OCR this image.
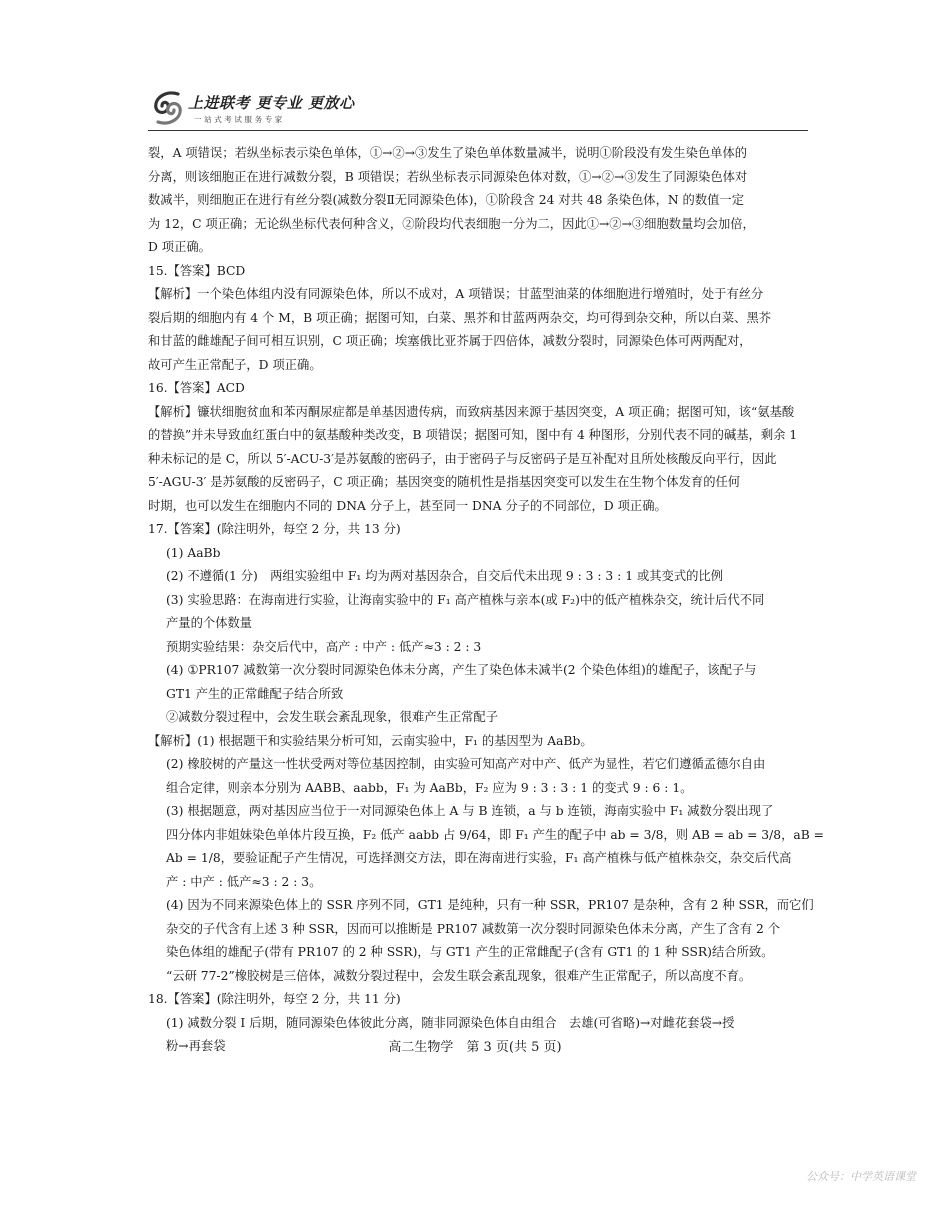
上进联考 更专业 更放心
一站式考试服务专家

裂，A 项错误；若纵坐标表示染色单体，①→②→③发生了染色单体数量减半，说明①阶段没有发生染色单体的

分离，则该细胞正在进行减数分裂，B 项错误；若纵坐标表示同源染色体对数，①→②→③发生了同源染色体对

数减半，则细胞正在进行有丝分裂(减数分裂Ⅱ无同源染色体)，①阶段含 24 对共 48 条染色体，N 的数值一定

为 12，C 项正确；无论纵坐标代表何种含义，②阶段均代表细胞一分为二，因此①→②→③细胞数量均会加倍，

D 项正确。

15.【答案】BCD

【解析】一个染色体组内没有同源染色体，所以不成对，A 项错误；甘蓝型油菜的体细胞进行增殖时，处于有丝分

裂后期的细胞内有 4 个 M，B 项正确；据图可知，白菜、黑芥和甘蓝两两杂交，均可得到杂交种，所以白菜、黑芥

和甘蓝的雌雄配子间可相互识别，C 项正确；埃塞俄比亚芥属于四倍体，减数分裂时，同源染色体可两两配对，

故可产生正常配子，D 项正确。

16.【答案】ACD

【解析】镰状细胞贫血和苯丙酮尿症都是单基因遗传病，而致病基因来源于基因突变，A 项正确；据图可知，该“氨基酸

的替换”并未导致血红蛋白中的氨基酸种类改变，B 项错误；据图可知，图中有 4 种图形，分别代表不同的碱基，剩余 1

种未标记的是 C，所以 5′-ACU-3′是苏氨酸的密码子，由于密码子与反密码子是互补配对且所处核酸反向平行，因此

5′-AGU-3′ 是苏氨酸的反密码子，C 项正确；基因突变的随机性是指基因突变可以发生在生物个体发育的任何

时期，也可以发生在细胞内不同的 DNA 分子上，甚至同一 DNA 分子的不同部位，D 项正确。

17.【答案】(除注明外，每空 2 分，共 13 分)

(1) AaBb

(2) 不遵循(1 分)　两组实验组中 F₁ 均为两对基因杂合，自交后代未出现 9 : 3 : 3 : 1 或其变式的比例

(3) 实验思路：在海南进行实验，让海南实验中的 F₁ 高产植株与亲本(或 F₂)中的低产植株杂交，统计后代不同

产量的个体数量

预期实验结果：杂交后代中，高产 : 中产 : 低产≈3 : 2 : 3

(4) ①PR107 减数第一次分裂时同源染色体未分离，产生了染色体未减半(2 个染色体组)的雄配子，该配子与

GT1 产生的正常雌配子结合所致

②减数分裂过程中，会发生联会紊乱现象，很难产生正常配子

【解析】(1) 根据题干和实验结果分析可知，云南实验中，F₁ 的基因型为 AaBb。

(2) 橡胶树的产量这一性状受两对等位基因控制，由实验可知高产对中产、低产为显性，若它们遵循孟德尔自由

组合定律，则亲本分别为 AABB、aabb，F₁ 为 AaBb，F₂ 应为 9 : 3 : 3 : 1 的变式 9 : 6 : 1。

(3) 根据题意，两对基因应当位于一对同源染色体上 A 与 B 连锁，a 与 b 连锁，海南实验中 F₁ 减数分裂出现了

四分体内非姐妹染色单体片段互换，F₂ 低产 aabb 占 9/64，即 F₁ 产生的配子中 ab = 3/8，则 AB = ab = 3/8，aB =

Ab = 1/8，要验证配子产生情况，可选择测交方法，即在海南进行实验，F₁ 高产植株与低产植株杂交，杂交后代高

产 : 中产 : 低产≈3 : 2 : 3。

(4) 因为不同来源染色体上的 SSR 序列不同，GT1 是纯种，只有一种 SSR，PR107 是杂种，含有 2 种 SSR，而它们

杂交的子代含有上述 3 种 SSR，因而可以推断是 PR107 减数第一次分裂时同源染色体未分离，产生了含有 2 个

染色体组的雄配子(带有 PR107 的 2 种 SSR)，与 GT1 产生的正常雌配子(含有 GT1 的 1 种 SSR)结合所致。

“云研 77-2”橡胶树是三倍体，减数分裂过程中，会发生联会紊乱现象，很难产生正常配子，所以高度不育。

18.【答案】(除注明外，每空 2 分，共 11 分)

(1) 减数分裂 Ⅰ 后期，随同源染色体彼此分离，随非同源染色体自由组合　去雄(可省略)→对雌花套袋→授

粉→再套袋	高二生物学　第 3 页(共 5 页)
公众号：中学英语课堂
